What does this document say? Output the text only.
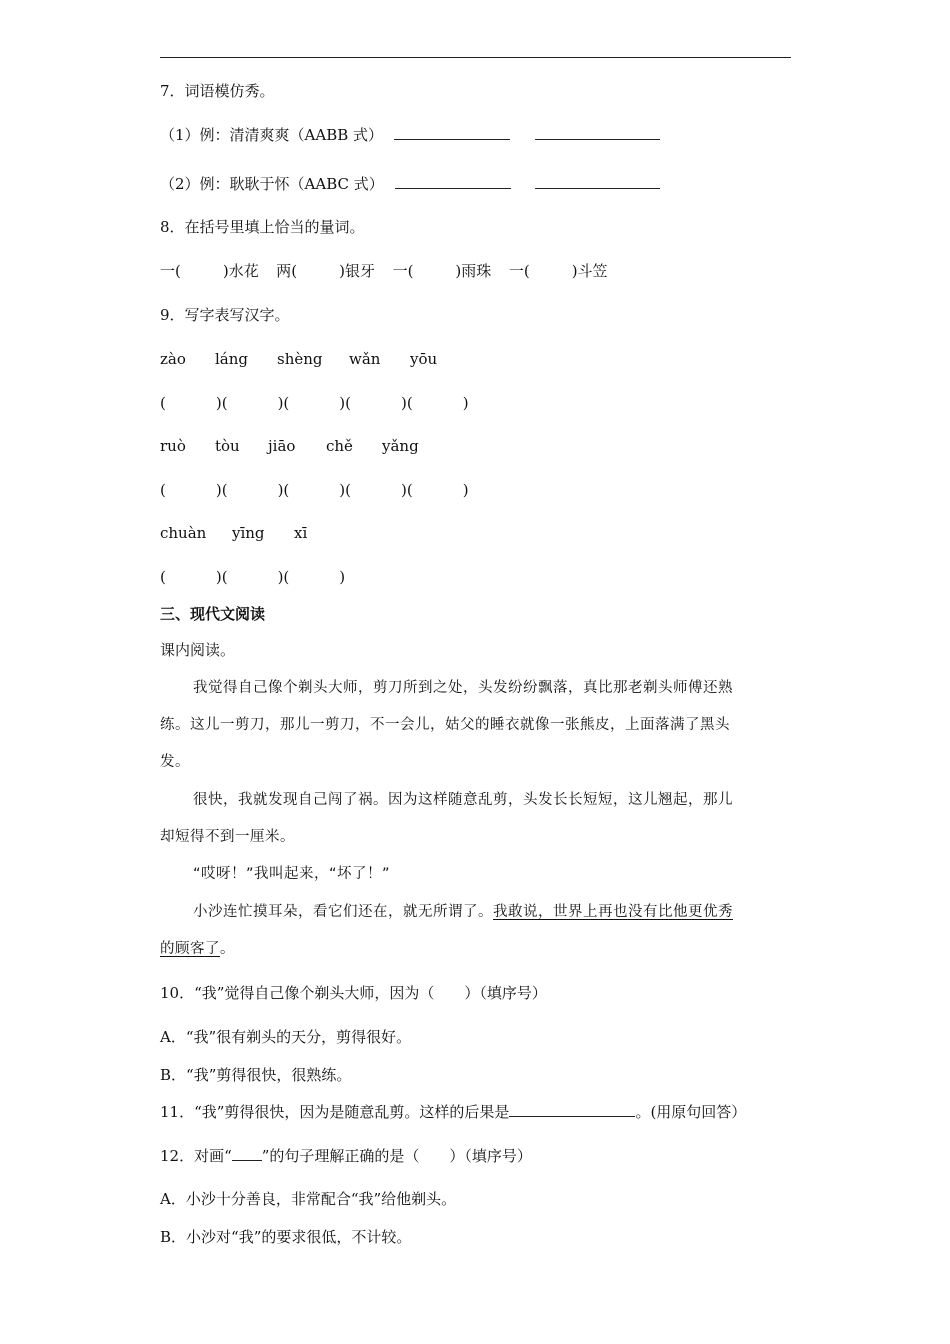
7．词语模仿秀。
（1）例：清清爽爽（AABB 式）
（2）例：耿耿于怀（AABC 式）
8．在括号里填上恰当的量词。
一(	)水花 两(	)银牙 一(	)雨珠 一(	)斗笠
9．写字表写汉字。
zào láng shèng wǎn yōu
(	)(	)(	)(	)(	)
ruò tòu jiāo chě yǎng
(	)(	)(	)(	)(	)
chuàn yīng xī
(	)(	)(	)
三、现代文阅读
课内阅读。
我觉得自己像个剃头大师，剪刀所到之处，头发纷纷飘落，真比那老剃头师傅还熟
练。这儿一剪刀，那儿一剪刀，不一会儿，姑父的睡衣就像一张熊皮，上面落满了黑头
发。
很快，我就发现自己闯了祸。因为这样随意乱剪，头发长长短短，这儿翘起，那儿
却短得不到一厘米。
“哎呀！”我叫起来，“坏了！”
小沙连忙摸耳朵，看它们还在，就无所谓了。我敢说，世界上再也没有比他更优秀
的顾客了。
10．“我”觉得自己像个剃头大师，因为（　　）（填序号）
A．“我”很有剃头的天分，剪得很好。
B．“我”剪得很快，很熟练。
11．“我”剪得很快，因为是随意乱剪。这样的后果是	。(用原句回答）
12．对画“ ”的句子理解正确的是（　　）（填序号）
A．小沙十分善良，非常配合“我”给他剃头。
B．小沙对“我”的要求很低，不计较。
